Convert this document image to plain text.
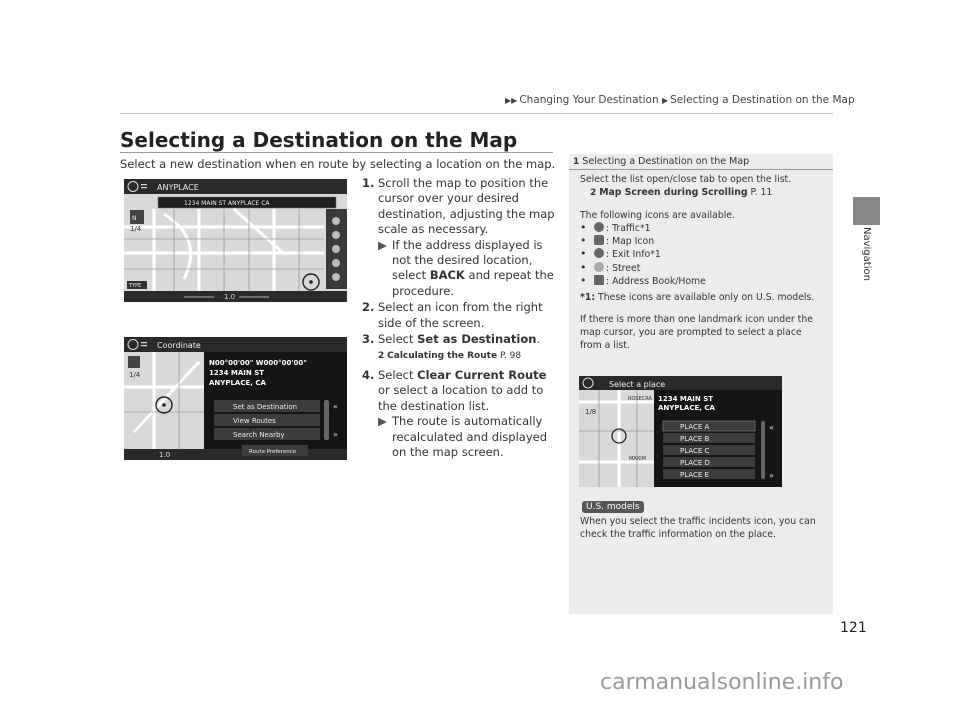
▶▶ Changing Your Destination ▶ Selecting a Destination on the Map
Navigation
Selecting a Destination on the Map
Select a new destination when en route by selecting a location on the map.
ANYPLACE
1234 MAIN ST ANYPLACE CA
N
1/4
TYPE
1.0
Coordinate
1/4
N00°00'00" W000°00'00"
1234 MAIN ST
ANYPLACE, CA
Set as Destination
View Routes
Search Nearby
«
»
1.0	Route Preference
1. Scroll the map to position the cursor over your desired destination, adjusting the map scale as necessary.
▶ If the address displayed is not the desired location, select BACK and repeat the procedure.
2. Select an icon from the right side of the screen.
3. Select Set as Destination.
2 Calculating the Route P. 98
4. Select Clear Current Route or select a location to add to the destination list.
▶ The route is automatically recalculated and displayed on the map screen.
1 Selecting a Destination on the Map
Select the list open/close tab to open the list.
2 Map Screen during Scrolling P. 11
The following icons are available.
• : Traffic*1
• : Map Icon
• : Exit Info*1
• : Street
• : Address Book/Home
*1: These icons are available only on U.S. models.
If there is more than one landmark icon under the map cursor, you are prompted to select a place from a list.
Select a place
ROSECRA
MAXIM
1/8
1234 MAIN ST
ANYPLACE, CA
PLACE A
PLACE B
PLACE C
PLACE D
PLACE E
«
»
U.S. models
When you select the traffic incidents icon, you can check the traffic information on the place.
121
carmanualsonline.info
